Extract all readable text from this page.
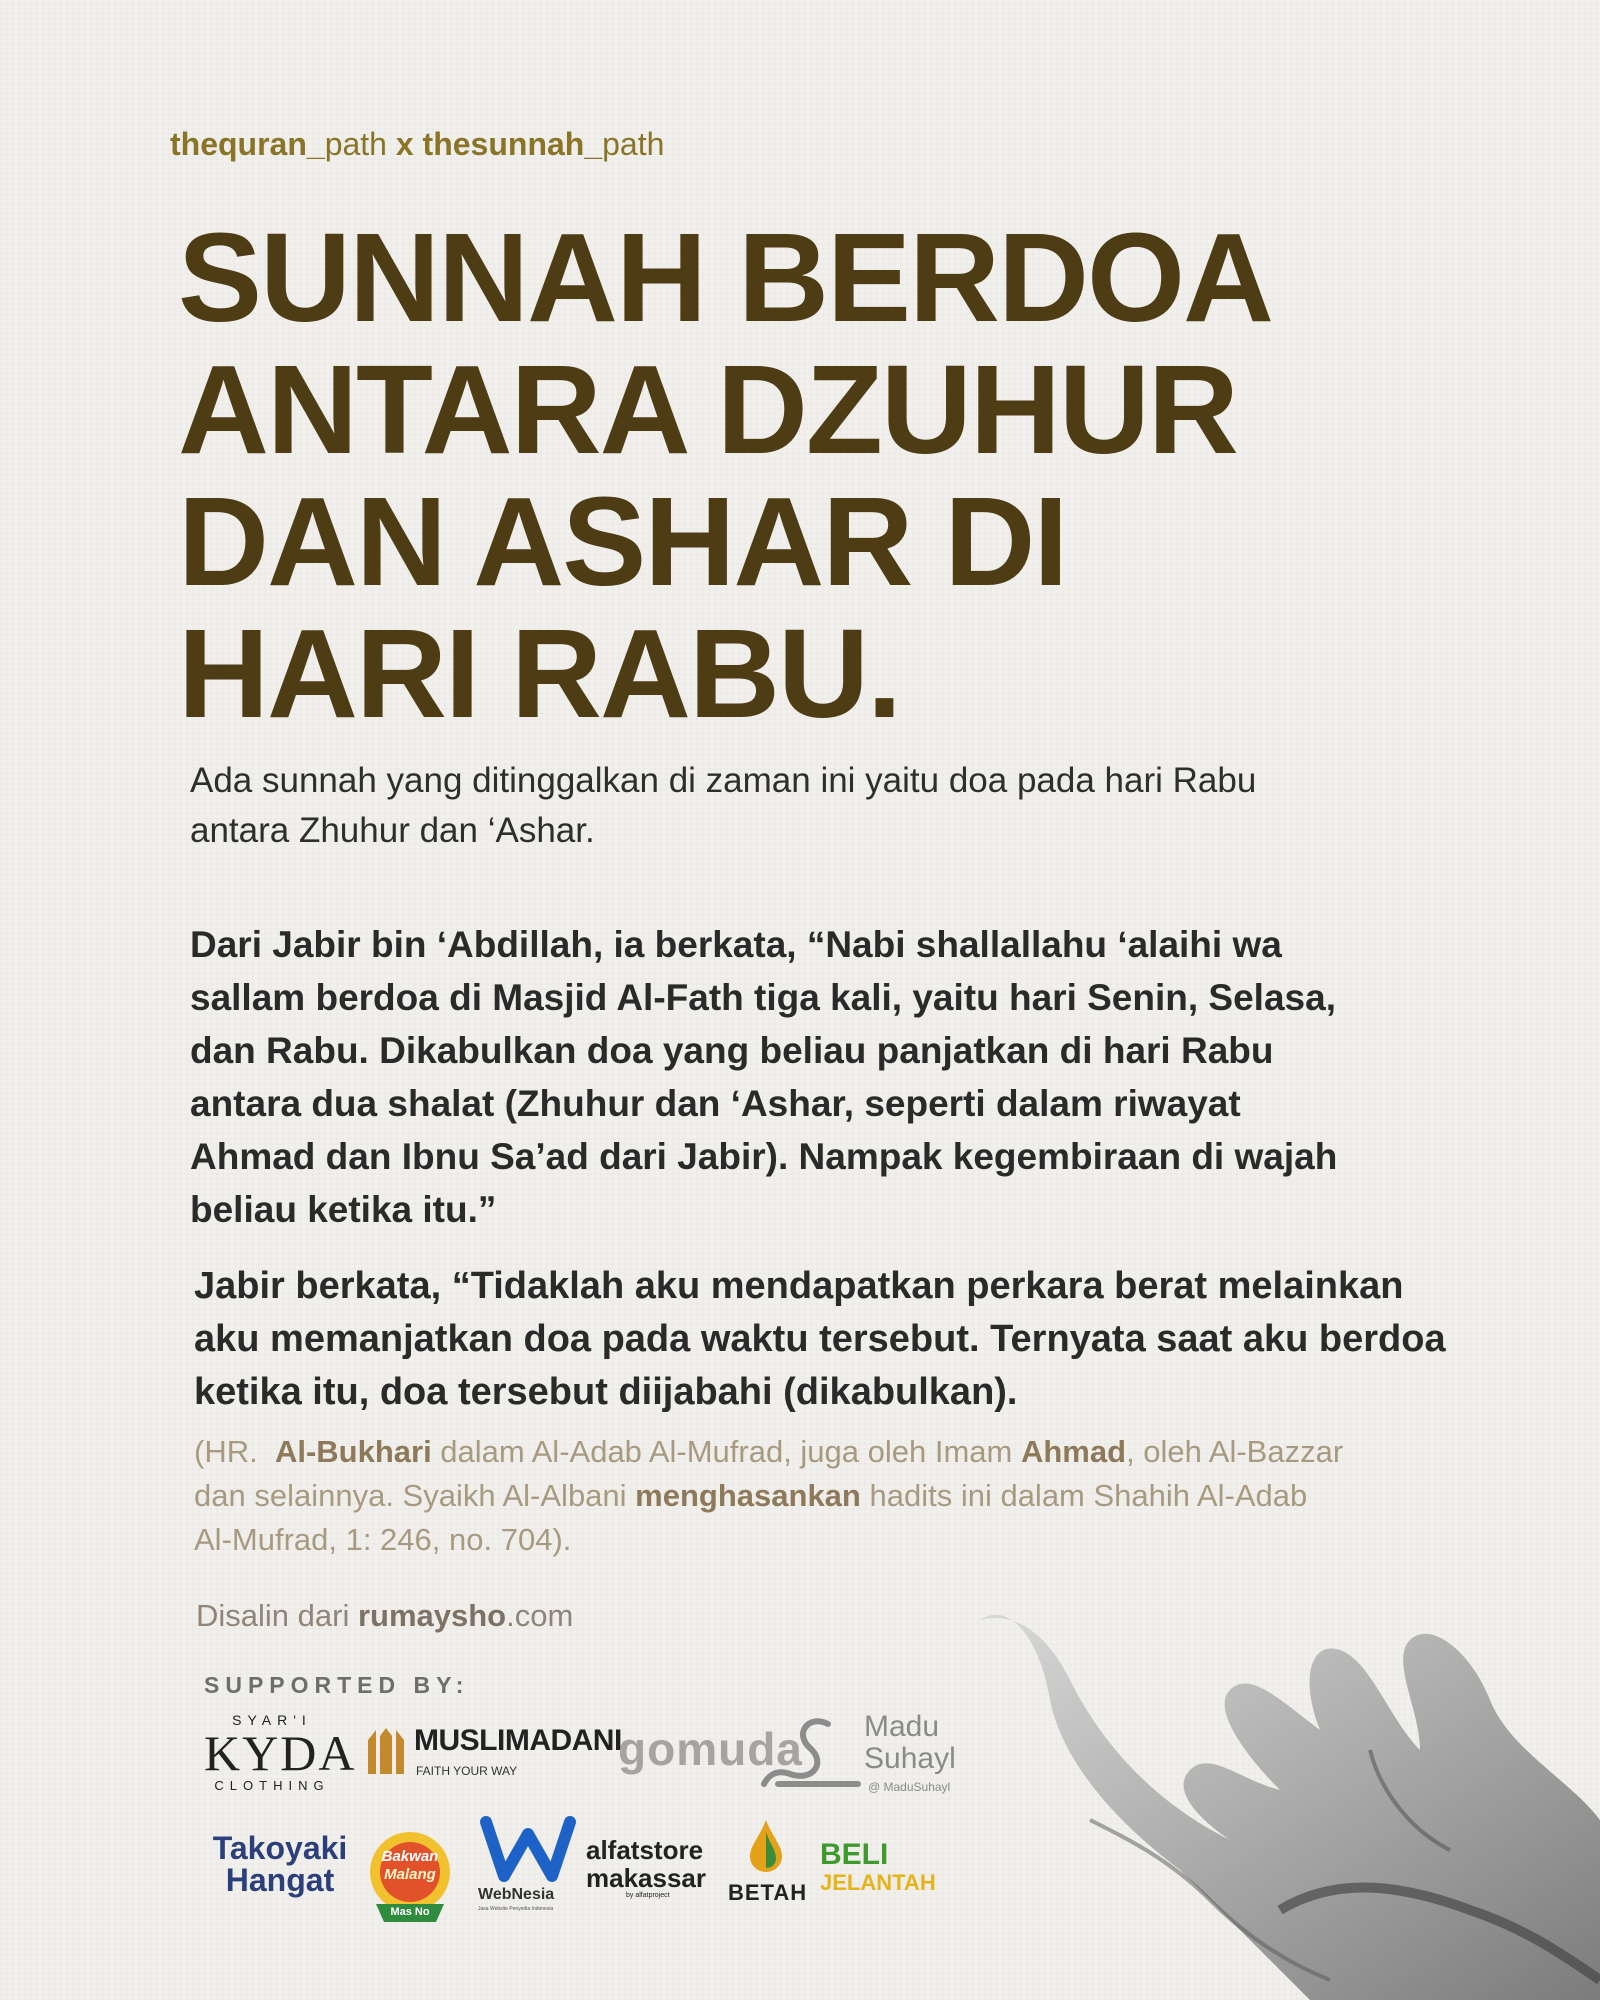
thequran_path x thesunnah_path
SUNNAH BERDOA
ANTARA DZUHUR
DAN ASHAR DI
HARI RABU.
Ada sunnah yang ditinggalkan di zaman ini yaitu doa pada hari Rabu antara Zhuhur dan ‘Ashar.
Dari Jabir bin ‘Abdillah, ia berkata, “Nabi shallallahu ‘alaihi wa sallam berdoa di Masjid Al-Fath tiga kali, yaitu hari Senin, Selasa, dan Rabu. Dikabulkan doa yang beliau panjatkan di hari Rabu antara dua shalat (Zhuhur dan ‘Ashar, seperti dalam riwayat Ahmad dan Ibnu Sa’ad dari Jabir). Nampak kegembiraan di wajah beliau ketika itu.”
Jabir berkata, “Tidaklah aku mendapatkan perkara berat melainkan aku memanjatkan doa pada waktu tersebut. Ternyata saat aku berdoa ketika itu, doa tersebut diijabahi (dikabulkan).
(HR.  Al-Bukhari dalam Al-Adab Al-Mufrad, juga oleh Imam Ahmad, oleh Al-Bazzar dan selainnya. Syaikh Al-Albani menghasankan hadits ini dalam Shahih Al-Adab Al-Mufrad, 1: 246, no. 704).
Disalin dari rumaysho.com
SUPPORTED BY:
SYAR'I
KYDA
CLOTHING
MUSLIMADANI
FAITH YOUR WAY gomuda Madu
Suhayl
@ MaduSuhayl
Takoyaki
Hangat
Bakwan
Malang
Mas No
WebNesia
Jasa Website Penyedia Indonesia
alfatstore
makassar
by alfatproject	BETAH
BELI
JELANTAH
